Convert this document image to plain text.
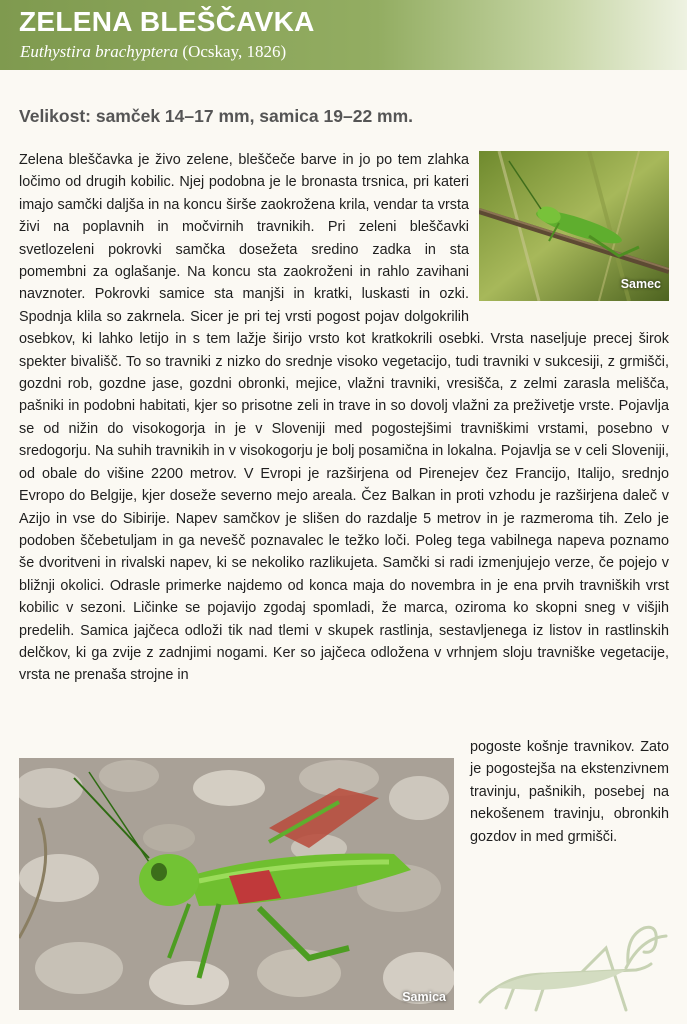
ZELENA BLEŠČAVKA
Euthystira brachyptera (Ocskay, 1826)
Velikost: samček 14–17 mm, samica 19–22 mm.
Samec
Zelena bleščavka je živo zelene, bleščeče barve in jo po tem zlahka ločimo od drugih kobilic. Njej podobna je le bronasta trsnica, pri kateri imajo samčki daljša in na koncu širše zaokrožena krila, vendar ta vrsta živi na poplavnih in močvirnih travnikih. Pri zeleni bleščavki svetlozeleni pokrovki samčka dosežeta sredino zadka in sta pomembni za oglašanje. Na koncu sta zaokroženi in rahlo zavihani navznoter. Pokrovki samice sta manjši in kratki, luskasti in ozki. Spodnja klila so zakrnela. Sicer je pri tej vrsti pogost pojav dolgokrilih osebkov, ki lahko letijo in s tem lažje širijo vrsto kot kratkokrili osebki. Vrsta naseljuje precej širok spekter bivališč. To so travniki z nizko do srednje visoko vegetacijo, tudi travniki v sukcesiji, z grmišči, gozdni rob, gozdne jase, gozdni obronki, mejice, vlažni travniki, vresišča, z zelmi zarasla melišča, pašniki in podobni habitati, kjer so prisotne zeli in trave in so dovolj vlažni za preživetje vrste. Pojavlja se od nižin do visokogorja in je v Sloveniji med pogostejšimi travniškimi vrstami, posebno v sredogorju. Na suhih travnikih in v visokogorju je bolj posamična in lokalna. Pojavlja se v celi Sloveniji, od obale do višine 2200 metrov. V Evropi je razširjena od Pirenejev čez Francijo, Italijo, srednjo Evropo do Belgije, kjer doseže severno mejo areala. Čez Balkan in proti vzhodu je razširjena daleč v Azijo in vse do Sibirije. Napev samčkov je slišen do razdalje 5 metrov in je razmeroma tih. Zelo je podoben ščebetuljam in ga nevešč poznavalec le težko loči. Poleg tega vabilnega napeva poznamo še dvoritveni in rivalski napev, ki se nekoliko razlikujeta. Samčki si radi izmenjujejo verze, če pojejo v bližnji okolici. Odrasle primerke najdemo od konca maja do novembra in je ena prvih travniških vrst kobilic v sezoni. Ličinke se pojavijo zgodaj spomladi, že marca, oziroma ko skopni sneg v višjih predelih. Samica jajčeca odloži tik nad tlemi v skupek rastlinja, sestavljenega iz listov in rastlinskih delčkov, ki ga zvije z zadnjimi nogami. Ker so jajčeca odložena v vrhnjem sloju travniške vegetacije, vrsta ne prenaša strojne in
Samica
pogoste košnje travnikov. Zato je pogostejša na ekstenzivnem travinju, pašnikih, posebej na nekošenem travinju, obronkih gozdov in med grmišči.
